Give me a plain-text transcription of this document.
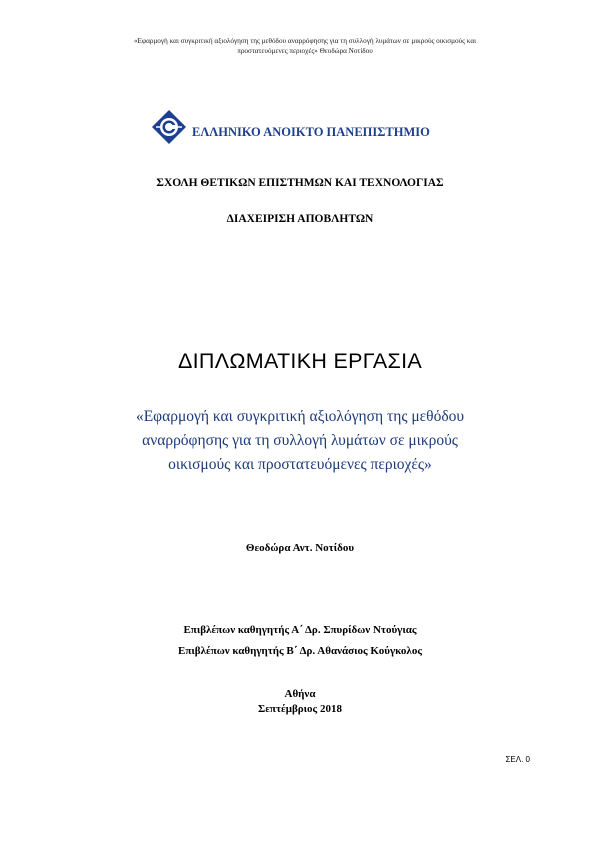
«Εφαρμογή και συγκριτική αξιολόγηση της μεθόδου αναρρόφησης για τη συλλογή λυμάτων σε μικρούς οικισμούς και προστατευόμενες περιοχές» Θεοδώρα Νοτίδου
ΕΛΛΗΝΙΚΟ ΑΝΟΙΚΤΟ ΠΑΝΕΠΙΣΤΗΜΙΟ
ΣΧΟΛΗ ΘΕΤΙΚΩΝ ΕΠΙΣΤΗΜΩΝ ΚΑΙ ΤΕΧΝΟΛΟΓΙΑΣ
ΔΙΑΧΕΙΡΙΣΗ ΑΠΟΒΛΗΤΩΝ
ΔΙΠΛΩΜΑΤΙΚΗ ΕΡΓΑΣΙΑ
«Εφαρμογή και συγκριτική αξιολόγηση της μεθόδου
αναρρόφησης για τη συλλογή λυμάτων σε μικρούς
οικισμούς και προστατευόμενες περιοχές»
Θεοδώρα Αντ. Νοτίδου
Επιβλέπων καθηγητής Α΄ Δρ. Σπυρίδων Ντούγιας
Επιβλέπων καθηγητής Β΄ Δρ. Αθανάσιος Κούγκολος
Αθήνα
Σεπτέμβριος 2018
ΣΕΛ. 0
